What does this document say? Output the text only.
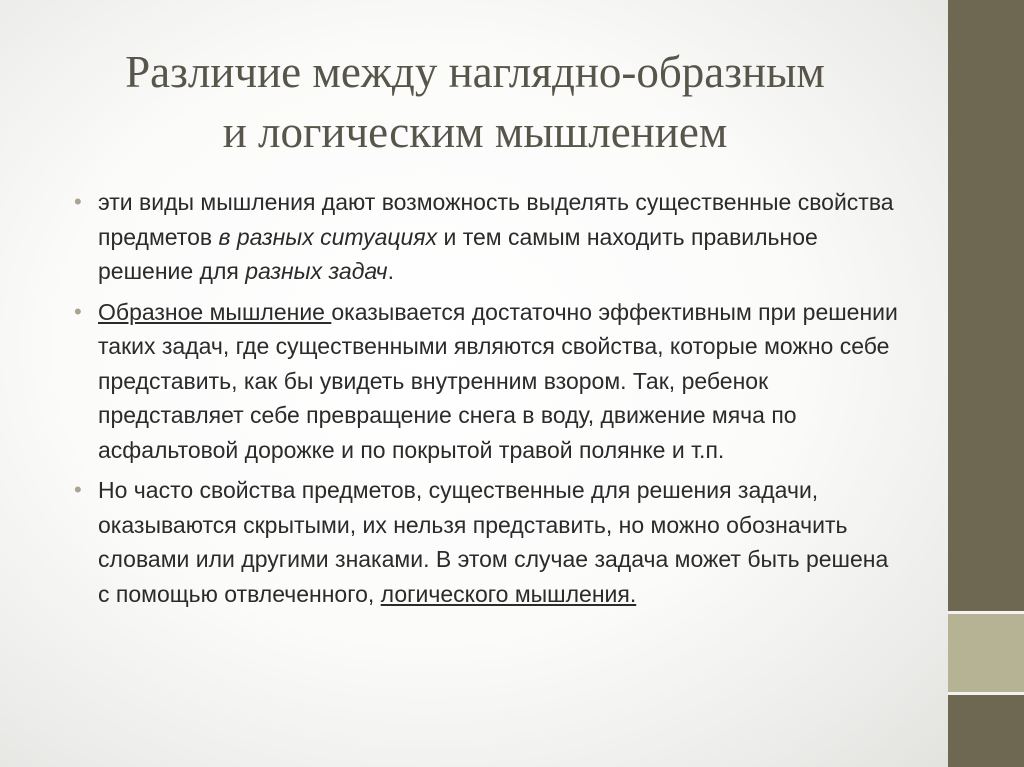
Различие между наглядно-образным
и логическим мышлением
• эти виды мышления дают возможность выделять существенные свойства предметов в разных ситуациях и тем самым находить правильное решение для разных задач.
• Образное мышление оказывается достаточно эффективным при решении таких задач, где существенными являются свойства, которые можно себе представить, как бы увидеть внутренним взором. Так, ребенок представляет себе превращение снега в воду, движение мяча по асфальтовой дорожке и по покрытой травой полянке и т.п.
• Но часто свойства предметов, существенные для решения задачи, оказываются скрытыми, их нельзя представить, но можно обозначить словами или другими знаками. В этом случае задача может быть решена с помощью отвлеченного, логического мышления.
